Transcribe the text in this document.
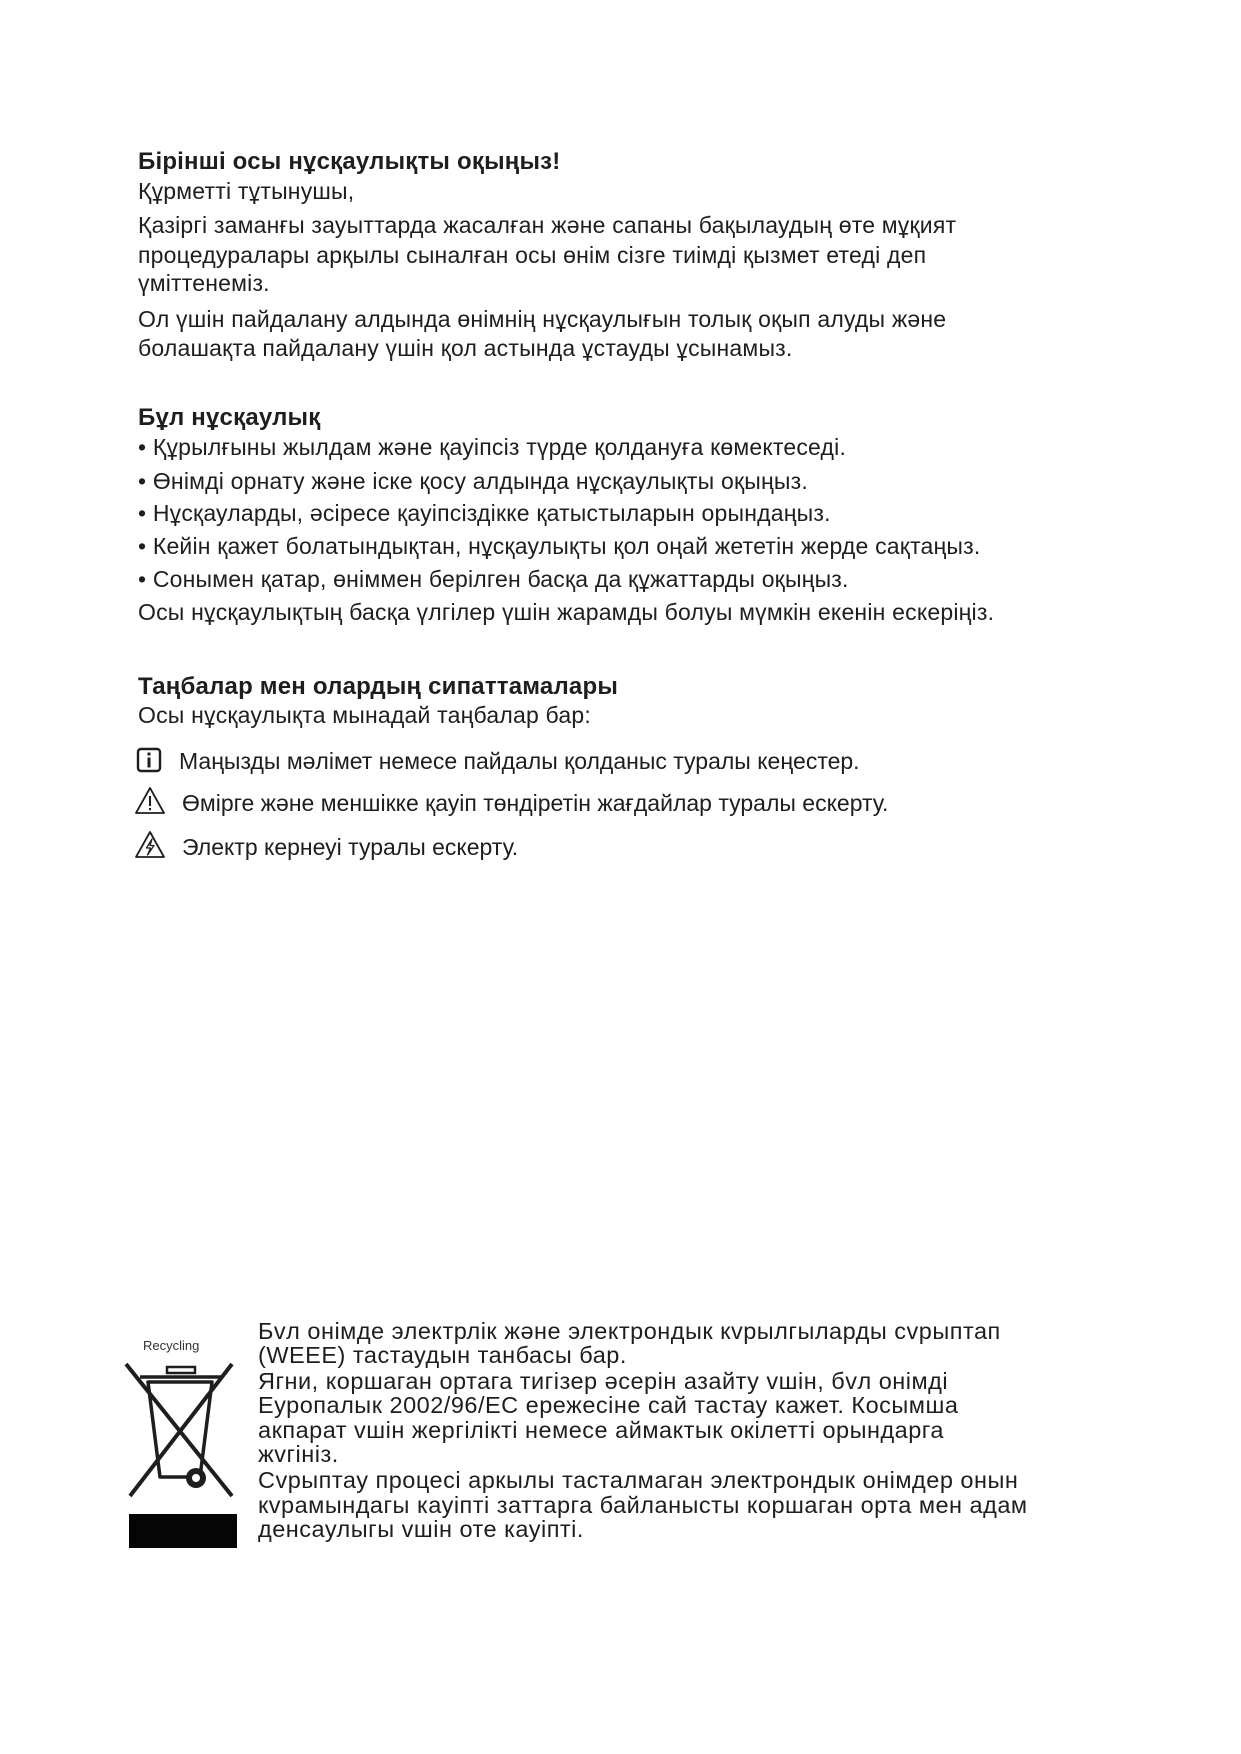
Бірінші осы нұсқаулықты оқыңыз!
Құрметті тұтынушы,
Қазіргі заманғы зауыттарда жасалған және сапаны бақылаудың өте мұқият
процедуралары арқылы сыналған осы өнім сізге тиімді қызмет етеді деп
үміттенеміз.
Ол үшін пайдалану алдында өнімнің нұсқаулығын толық оқып алуды және
болашақта пайдалану үшін қол астында ұстауды ұсынамыз.
Бұл нұсқаулық
• Құрылғыны жылдам және қауіпсіз түрде қолдануға көмектеседі.
• Өнімді орнату және іске қосу алдында нұсқаулықты оқыңыз.
• Нұсқауларды, әсіресе қауіпсіздікке қатыстыларын орындаңыз.
• Кейін қажет болатындықтан, нұсқаулықты қол оңай жететін жерде сақтаңыз.
• Сонымен қатар, өніммен берілген басқа да құжаттарды оқыңыз.
Осы нұсқаулықтың басқа үлгілер үшін жарамды болуы мүмкін екенін ескеріңіз.
Таңбалар мен олардың сипаттамалары
Осы нұсқаулықта мынадай таңбалар бар:
Маңызды мәлімет немесе пайдалы қолданыс туралы кеңестер.
Өмірге және меншікке қауіп төндіретін жағдайлар туралы ескерту.
Электр кернеуі туралы ескерту.
Recycling
Бvл онімде электрлік жəне электрондык кvрылгыларды сvрыптап
(WEEE) тастаудын танбасы бар.
Ягни, коршаган ортага тигізер əсерін азайту vшін, бvл онімді
Еуропалык 2002/96/ЕС ережесіне сай тастау кажет. Косымша
акпарат vшін жергілікті немесе аймактык окілетті орындарга
жvгініз.
Сvрыптау процесі аркылы тасталмаган электрондык онімдер онын
кvрамындагы кауіпті заттарга байланысты коршаган орта мен адам
денсаулыгы vшін оте кауіпті.
